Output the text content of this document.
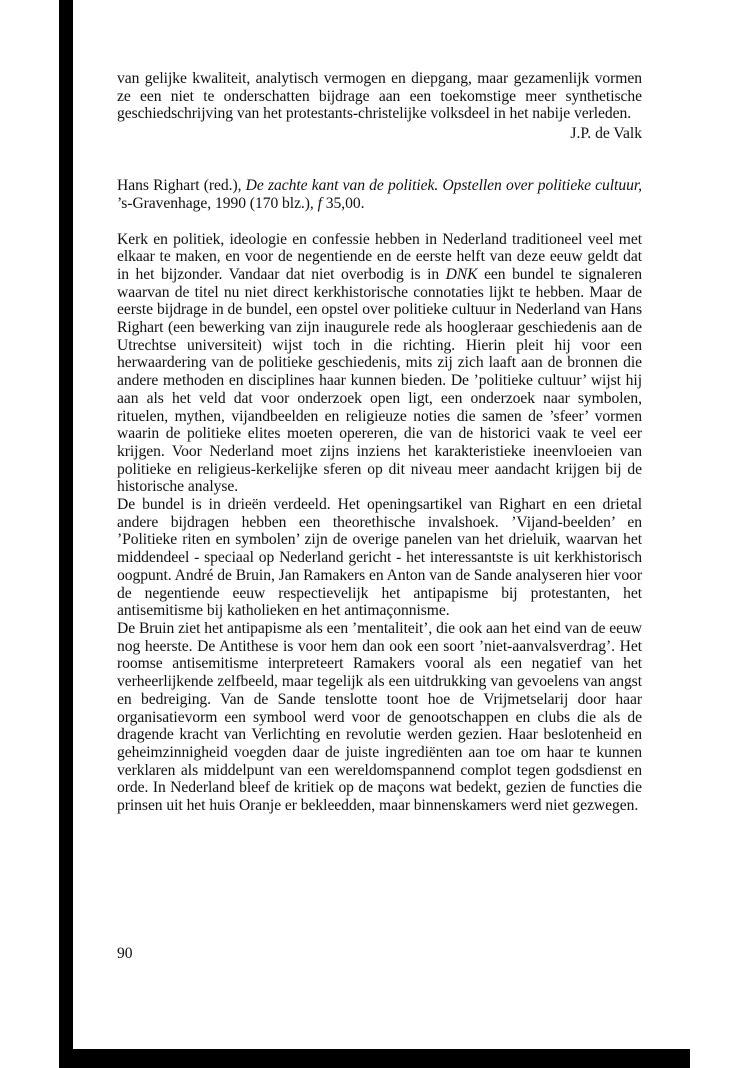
van gelijke kwaliteit, analytisch vermogen en diepgang, maar gezamenlijk vormen ze een niet te onderschatten bijdrage aan een toekomstige meer synthetische geschiedschrijving van het protestants-christelijke volksdeel in het nabije verleden.

J.P. de Valk

Hans Righart (red.), De zachte kant van de politiek. Opstellen over politieke cultuur, ’s-Gravenhage, 1990 (170 blz.), f 35,00.

Kerk en politiek, ideologie en confessie hebben in Nederland traditioneel veel met elkaar te maken, en voor de negentiende en de eerste helft van deze eeuw geldt dat in het bijzonder. Vandaar dat niet overbodig is in DNK een bundel te signaleren waarvan de titel nu niet direct kerkhistorische connotaties lijkt te hebben. Maar de eerste bijdrage in de bundel, een opstel over politieke cultuur in Nederland van Hans Righart (een bewerking van zijn inaugurele rede als hoogleraar geschiedenis aan de Utrechtse universiteit) wijst toch in die richting. Hierin pleit hij voor een herwaardering van de politieke geschiedenis, mits zij zich laaft aan de bronnen die andere methoden en disciplines haar kunnen bieden. De ’politieke cultuur’ wijst hij aan als het veld dat voor onderzoek open ligt, een onderzoek naar symbolen, rituelen, mythen, vijandbeelden en religieuze noties die samen de ’sfeer’ vormen waarin de politieke elites moeten opereren, die van de historici vaak te veel eer krijgen. Voor Nederland moet zijns inziens het karakteristieke ineenvloeien van politieke en religieus-kerkelijke sferen op dit niveau meer aandacht krijgen bij de historische analyse.

De bundel is in drieën verdeeld. Het openingsartikel van Righart en een drietal andere bijdragen hebben een theorethische invalshoek. ’Vijand-beelden’ en ’Politieke riten en symbolen’ zijn de overige panelen van het drieluik, waarvan het middendeel - speciaal op Nederland gericht - het interessantste is uit kerkhistorisch oogpunt. André de Bruin, Jan Ramakers en Anton van de Sande analyseren hier voor de negentiende eeuw respectievelijk het antipapisme bij protestanten, het antisemitisme bij katholieken en het antimaçonnisme.

De Bruin ziet het antipapisme als een ’mentaliteit’, die ook aan het eind van de eeuw nog heerste. De Antithese is voor hem dan ook een soort ’niet-aanvalsverdrag’. Het roomse antisemitisme interpreteert Ramakers vooral als een negatief van het verheerlijkende zelfbeeld, maar tegelijk als een uitdrukking van gevoelens van angst en bedreiging. Van de Sande tenslotte toont hoe de Vrijmetselarij door haar organisatievorm een symbool werd voor de genootschappen en clubs die als de dragende kracht van Verlichting en revolutie werden gezien. Haar beslotenheid en geheimzinnigheid voegden daar de juiste ingrediënten aan toe om haar te kunnen verklaren als middelpunt van een wereldomspannend complot tegen godsdienst en orde. In Nederland bleef de kritiek op de maçons wat bedekt, gezien de functies die prinsen uit het huis Oranje er bekleedden, maar binnenskamers werd niet gezwegen.

90
